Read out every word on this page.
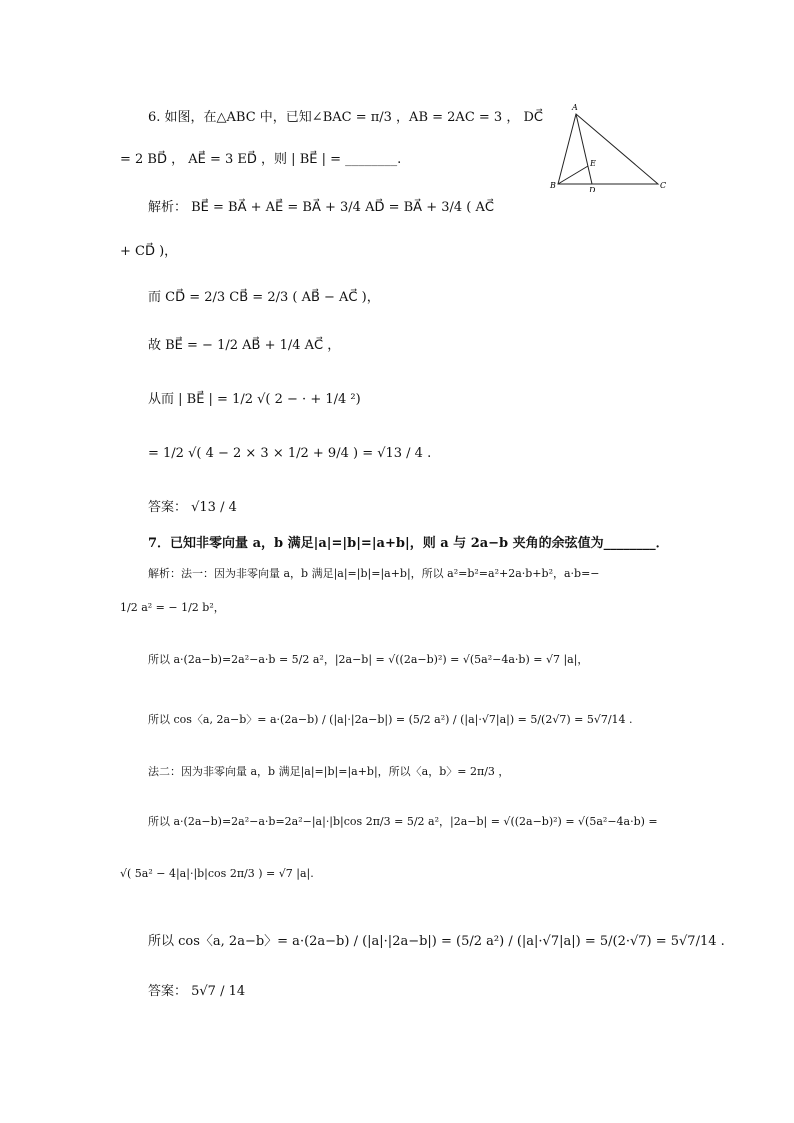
6. 如图，在△ABC 中，已知∠BAC = π/3 ，AB = 2AC = 3 ， DC⃗
= 2 BD⃗ ， AE⃗ = 3 ED⃗ ，则 | BE⃗ | = ________.
解析： BE⃗ = BA⃗ + AE⃗ = BA⃗ + 3/4 AD⃗ = BA⃗ + 3/4 ( AC⃗
+ CD⃗ )，
而 CD⃗ = 2/3 CB⃗ = 2/3 ( AB⃗ − AC⃗ )，
故 BE⃗ = − 1/2 AB⃗ + 1/4 AC⃗ ，
从而 | BE⃗ | = 1/2 √( 2 − · + 1/4 ²)
= 1/2 √( 4 − 2 × 3 × 1/2 + 9/4 ) = √13 / 4 .
答案： √13 / 4
A
B	C
D
E
7．已知非零向量 a，b 满足|a|=|b|=|a+b|，则 a 与 2a−b 夹角的余弦值为________．
解析：法一：因为非零向量 a，b 满足|a|=|b|=|a+b|，所以 a²=b²=a²+2a·b+b²，a·b=−
1/2 a² = − 1/2 b²，
所以 a·(2a−b)=2a²−a·b = 5/2 a²，|2a−b| = √((2a−b)²) = √(5a²−4a·b) = √7 |a|，
所以 cos〈a, 2a−b〉= a·(2a−b) / (|a|·|2a−b|) = (5/2 a²) / (|a|·√7|a|) = 5/(2√7) = 5√7/14 .
法二：因为非零向量 a，b 满足|a|=|b|=|a+b|，所以〈a，b〉= 2π/3 ，
所以 a·(2a−b)=2a²−a·b=2a²−|a|·|b|cos 2π/3 = 5/2 a²，|2a−b| = √((2a−b)²) = √(5a²−4a·b) =
√( 5a² − 4|a|·|b|cos 2π/3 ) = √7 |a|.
所以 cos〈a, 2a−b〉= a·(2a−b) / (|a|·|2a−b|) = (5/2 a²) / (|a|·√7|a|) = 5/(2·√7) = 5√7/14 .
答案： 5√7 / 14
